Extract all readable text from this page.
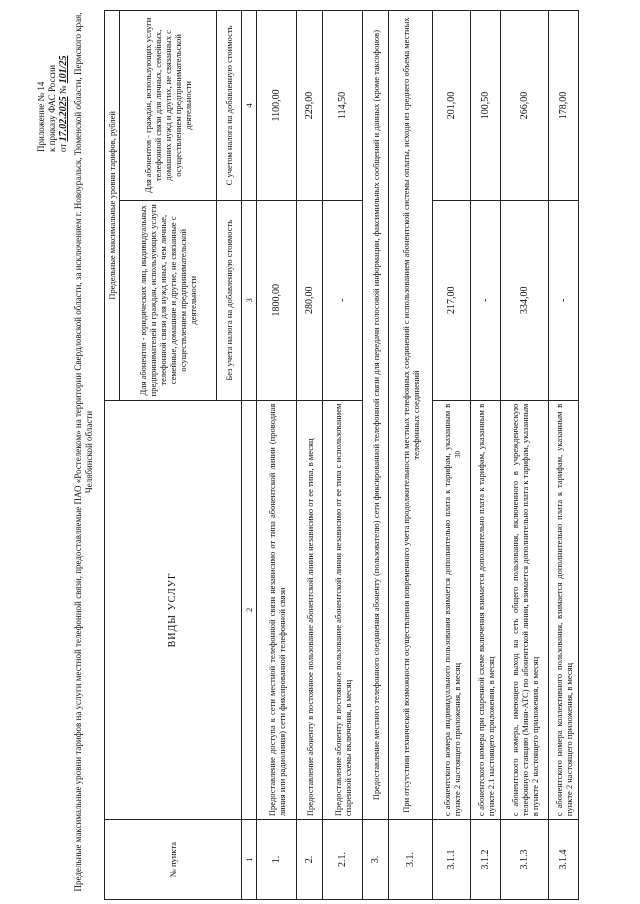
30
Приложение № 14 к приказу ФАС России от 17.02.2025 № 101/25 Предельные максимальные уровни тарифов на услуги местной телефонной связи, предоставляемые ПАО «Ростелеком» на территории Свердловской области, за исключением г. Новоуральск, Тюменской области, Пермского края, Челябинской области
№ пункта	ВИДЫ УСЛУГ	Предельные максимальные уровни тарифов, рублей	
		Для абонентов - юридических лиц, индивидуальных предпринимателей и граждан, использующих услуги телефонной связи для нужд иных, чем личные, семейные, домашние и другие, не связанные с осуществлением предпринимательской деятельности	Для абонентов - граждан, использующих услуги телефонной связи для личных, семейных, домашних нужд и других, не связанных с осуществлением предпринимательской деятельности
		Без учета налога на добавленную стоимость	С учетом налога на добавленную стоимость
1	2	3	4
1.	Предоставление доступа к сети местной телефонной связи независимо от типа абонентской линии (проводная линия или радиолиния) сети фиксированной телефонной связи	1800,00	1100,00
2.	Предоставление абоненту в постоянное пользование абонентской линии независимо от ее типа, в месяц	280,00	229,00
2.1.	Предоставление абоненту в постоянное пользование абонентской линии независимо от ее типа с использованием спаренной схемы включения, в месяц	-	114,50
3.	Предоставление местного телефонного соединения абоненту (пользователю) сети фиксированной телефонной связи для передачи голосовой информации, факсимильных сообщений и данных (кроме таксофонов)		
3.1.	При отсутствии технической возможности осуществления повременного учета продолжительности местных телефонных соединений с использованием абонентской системы оплаты, исходя из среднего объема местных телефонных соединений		
3.1.1	с абонентского номера индивидуального пользования взимается дополнительно плата к тарифам, указанным в пункте 2 настоящего приложения, в месяц	217,00	201,00
3.1.2	с абонентского номера при спаренной схеме включения взимается дополнительно плата к тарифам, указанным в пункте 2.1 настоящего приложения, в месяц	-	100,50
3.1.3	с абонентского номера, имеющего выход на сеть общего пользования, включенного в учрежденческую телефонную станцию (Мини-АТС) по абонентской линии, взимается дополнительно плата к тарифам, указанным в пункте 2 настоящего приложения, в месяц	334,00	266,00
3.1.4	с абонентского номера коллективного пользования, взимается дополнительно плата к тарифам, указанным в пункте 2 настоящего приложения, в месяц	-	178,00
